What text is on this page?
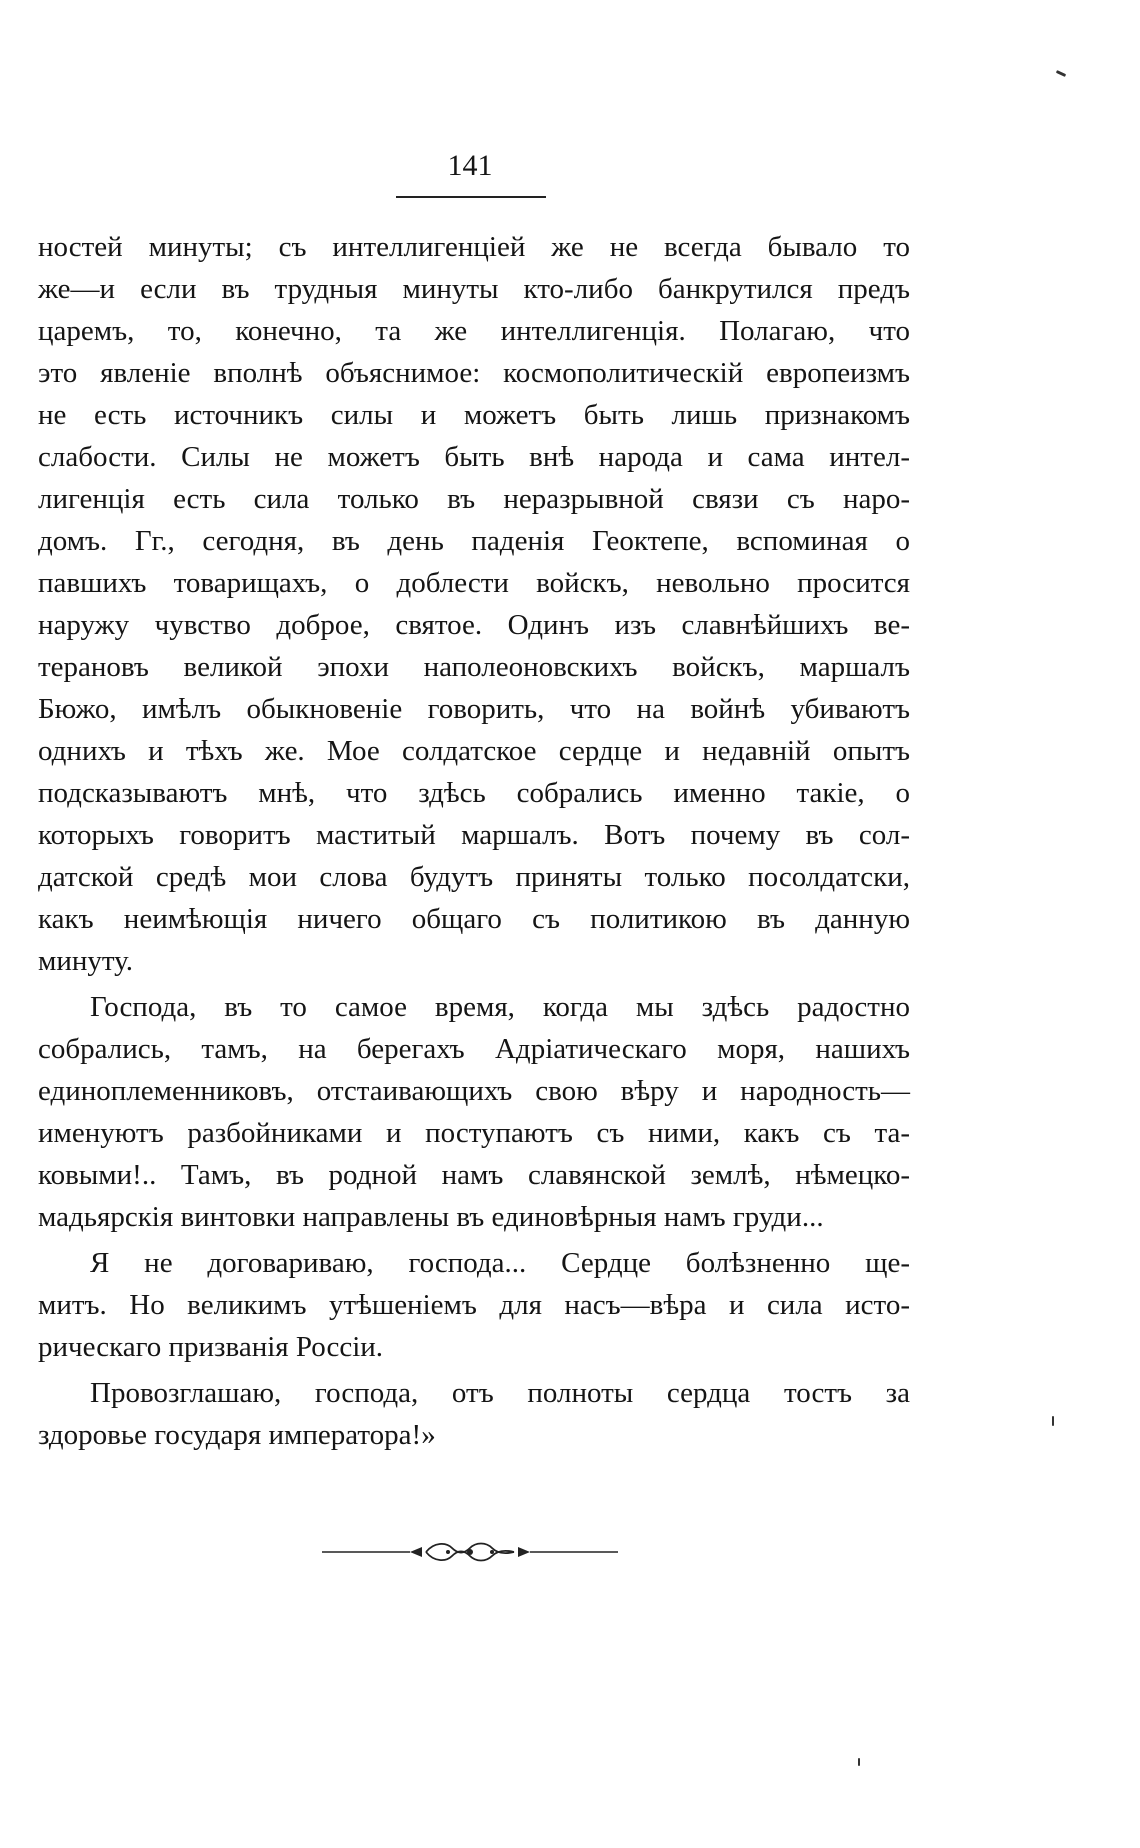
141
ностей минуты; съ интеллигенціей же не всегда бывало то
же—и если въ трудныя минуты кто-либо банкрутился предъ
царемъ, то, конечно, та же интеллигенція. Полагаю, что
это явленіе вполнѣ объяснимое: космополитическій европеизмъ
не есть источникъ силы и можетъ быть лишь признакомъ
слабости. Силы не можетъ быть внѣ народа и сама интел-
лигенція есть сила только въ неразрывной связи съ наро-
домъ. Гг., сегодня, въ день паденія Геоктепе, вспоминая о
павшихъ товарищахъ, о доблести войскъ, невольно просится
наружу чувство доброе, святое. Одинъ изъ славнѣйшихъ ве-
терановъ великой эпохи наполеоновскихъ войскъ, маршалъ
Бюжо, имѣлъ обыкновеніе говорить, что на войнѣ убиваютъ
однихъ и тѣхъ же. Мое солдатское сердце и недавній опытъ
подсказываютъ мнѣ, что здѣсь собрались именно такіе, о
которыхъ говоритъ маститый маршалъ. Вотъ почему въ сол-
датской средѣ мои слова будутъ приняты только посолдатски,
какъ неимѣющія ничего общаго съ политикою въ данную
минуту.
Господа, въ то самое время, когда мы здѣсь радостно
собрались, тамъ, на берегахъ Адріатическаго моря, нашихъ
единоплеменниковъ, отстаивающихъ свою вѣру и народность—
именуютъ разбойниками и поступаютъ съ ними, какъ съ та-
ковыми!.. Тамъ, въ родной намъ славянской землѣ, нѣмецко-
мадьярскія винтовки направлены въ единовѣрныя намъ груди...
Я не договариваю, господа... Сердце болѣзненно ще-
митъ. Но великимъ утѣшеніемъ для насъ—вѣра и сила исто-
рическаго призванія Россіи.
Провозглашаю, господа, отъ полноты сердца тостъ за
здоровье государя императора!»
